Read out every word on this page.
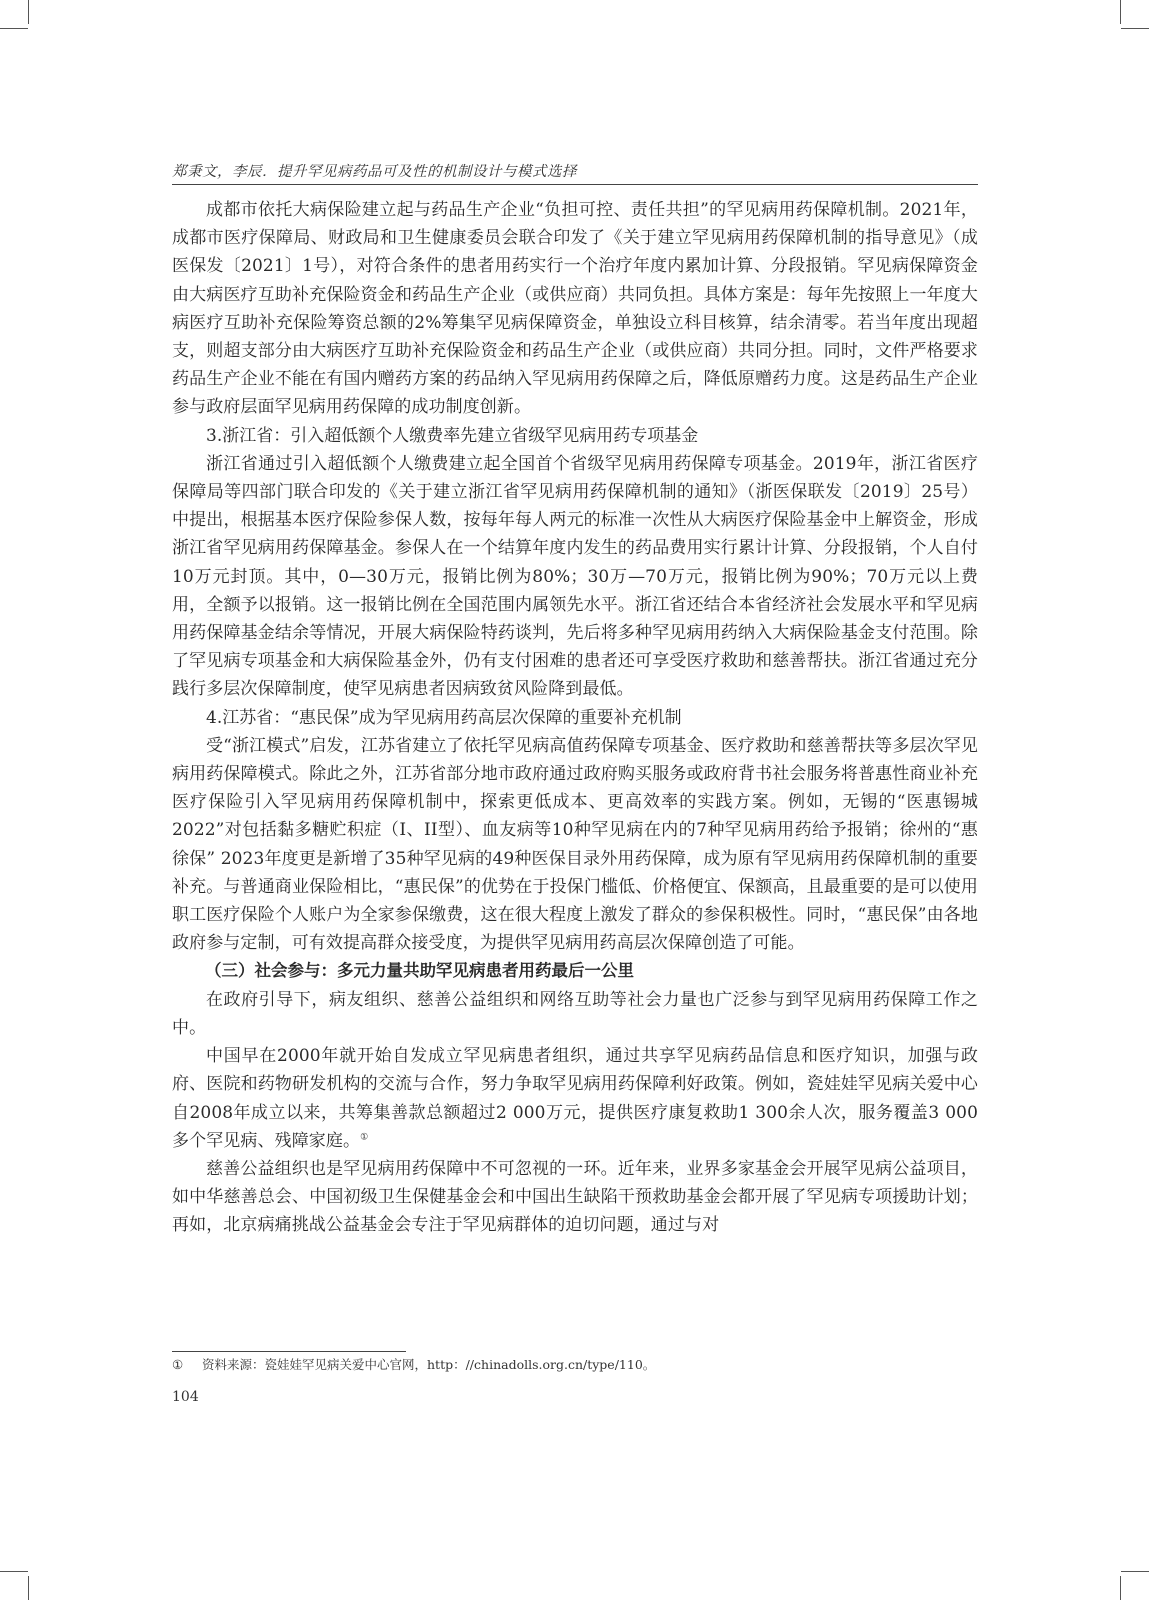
郑秉文，李辰．提升罕见病药品可及性的机制设计与模式选择

成都市依托大病保险建立起与药品生产企业“负担可控、责任共担”的罕见病用药保障机制。2021年，成都市医疗保障局、财政局和卫生健康委员会联合印发了《关于建立罕见病用药保障机制的指导意见》（成医保发〔2021〕1号），对符合条件的患者用药实行一个治疗年度内累加计算、分段报销。罕见病保障资金由大病医疗互助补充保险资金和药品生产企业（或供应商）共同负担。具体方案是：每年先按照上一年度大病医疗互助补充保险筹资总额的2%筹集罕见病保障资金，单独设立科目核算，结余清零。若当年度出现超支，则超支部分由大病医疗互助补充保险资金和药品生产企业（或供应商）共同分担。同时，文件严格要求药品生产企业不能在有国内赠药方案的药品纳入罕见病用药保障之后，降低原赠药力度。这是药品生产企业参与政府层面罕见病用药保障的成功制度创新。

3.浙江省：引入超低额个人缴费率先建立省级罕见病用药专项基金

浙江省通过引入超低额个人缴费建立起全国首个省级罕见病用药保障专项基金。2019年，浙江省医疗保障局等四部门联合印发的《关于建立浙江省罕见病用药保障机制的通知》（浙医保联发〔2019〕25号）中提出，根据基本医疗保险参保人数，按每年每人两元的标准一次性从大病医疗保险基金中上解资金，形成浙江省罕见病用药保障基金。参保人在一个结算年度内发生的药品费用实行累计计算、分段报销，个人自付10万元封顶。其中，0—30万元，报销比例为80%；30万—70万元，报销比例为90%；70万元以上费用，全额予以报销。这一报销比例在全国范围内属领先水平。浙江省还结合本省经济社会发展水平和罕见病用药保障基金结余等情况，开展大病保险特药谈判，先后将多种罕见病用药纳入大病保险基金支付范围。除了罕见病专项基金和大病保险基金外，仍有支付困难的患者还可享受医疗救助和慈善帮扶。浙江省通过充分践行多层次保障制度，使罕见病患者因病致贫风险降到最低。

4.江苏省：“惠民保”成为罕见病用药高层次保障的重要补充机制

受“浙江模式”启发，江苏省建立了依托罕见病高值药保障专项基金、医疗救助和慈善帮扶等多层次罕见病用药保障模式。除此之外，江苏省部分地市政府通过政府购买服务或政府背书社会服务将普惠性商业补充医疗保险引入罕见病用药保障机制中，探索更低成本、更高效率的实践方案。例如，无锡的“医惠锡城2022”对包括黏多糖贮积症（I、II型）、血友病等10种罕见病在内的7种罕见病用药给予报销；徐州的“惠徐保” 2023年度更是新增了35种罕见病的49种医保目录外用药保障，成为原有罕见病用药保障机制的重要补充。与普通商业保险相比，“惠民保”的优势在于投保门槛低、价格便宜、保额高，且最重要的是可以使用职工医疗保险个人账户为全家参保缴费，这在很大程度上激发了群众的参保积极性。同时，“惠民保”由各地政府参与定制，可有效提高群众接受度，为提供罕见病用药高层次保障创造了可能。

（三）社会参与：多元力量共助罕见病患者用药最后一公里

在政府引导下，病友组织、慈善公益组织和网络互助等社会力量也广泛参与到罕见病用药保障工作之中。

中国早在2000年就开始自发成立罕见病患者组织，通过共享罕见病药品信息和医疗知识，加强与政府、医院和药物研发机构的交流与合作，努力争取罕见病用药保障利好政策。例如，瓷娃娃罕见病关爱中心自2008年成立以来，共筹集善款总额超过2 000万元，提供医疗康复救助1 300余人次，服务覆盖3 000多个罕见病、残障家庭。①

慈善公益组织也是罕见病用药保障中不可忽视的一环。近年来，业界多家基金会开展罕见病公益项目，如中华慈善总会、中国初级卫生保健基金会和中国出生缺陷干预救助基金会都开展了罕见病专项援助计划；再如，北京病痛挑战公益基金会专注于罕见病群体的迫切问题，通过与对

① 资料来源：瓷娃娃罕见病关爱中心官网，http：//chinadolls.org.cn/type/110。
104
